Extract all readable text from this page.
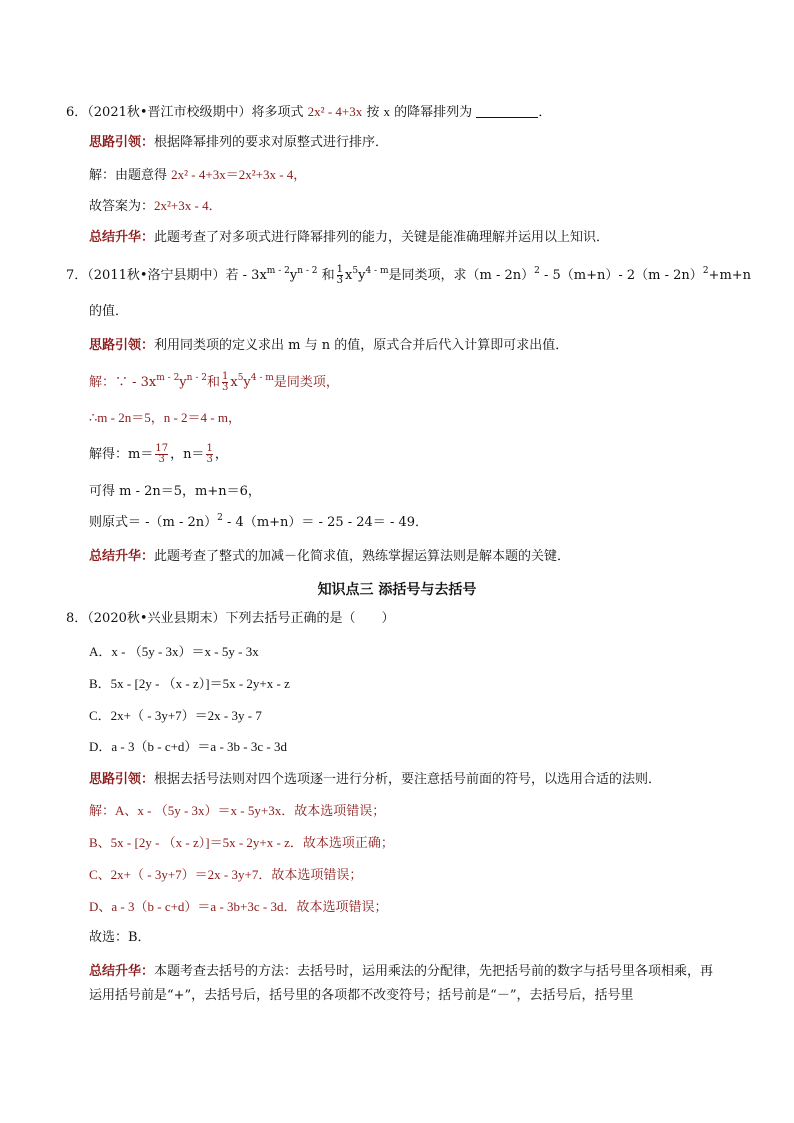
6．（2021秋•晋江市校级期中）将多项式 2x² - 4+3x 按 x 的降幂排列为	．
思路引领：根据降幂排列的要求对原整式进行排序．
解：由题意得 2x² - 4+3x＝2x²+3x - 4，
故答案为：2x²+3x - 4．
总结升华：此题考查了对多项式进行降幂排列的能力，关键是能准确理解并运用以上知识．
7．（2011秋•洛宁县期中）若 - $3x^{m - 2}y^{n - 2}$ 和 $\frac{1}{3} x^5y^{4 - m}$是同类项，求（m - 2n）$^2$ - 5（m+n）- 2（m - 2n）$^2$+m+n
的值．
思路引领：利用同类项的定义求出 m 与 n 的值，原式合并后代入计算即可求出值．
解：∵ - $3x^{m - 2}y^{n - 2}$和 $\frac{1}{3} x^5y^{4 - m}$是同类项，
∴m - 2n＝5，n - 2＝4 - m，
解得：$m= \frac{17}{3}$ ，$n= \frac{1}{3}$ ，
可得 m - 2n＝5，m+n＝6，
则原式＝ -（m - 2n）$^2$ - 4（m+n）＝ - 25 - 24＝ - 49．
总结升华：此题考查了整式的加减－化简求值，熟练掌握运算法则是解本题的关键．
知识点三 添括号与去括号
8．（2020秋•兴业县期末）下列去括号正确的是（　　）
A．x - （5y - 3x）＝x - 5y - 3x
B．5x - [2y - （x - z）]＝5x - 2y+x - z
C．2x+（ - 3y+7）＝2x - 3y - 7
D．a - 3（b - c+d）＝a - 3b - 3c - 3d
思路引领：根据去括号法则对四个选项逐一进行分析，要注意括号前面的符号，以选用合适的法则．
解：A、x - （5y - 3x）＝x - 5y+3x．故本选项错误；
B、5x - [2y - （x - z）]＝5x - 2y+x - z．故本选项正确；
C、2x+（ - 3y+7）＝2x - 3y+7．故本选项错误；
D、a - 3（b - c+d）＝a - 3b+3c - 3d．故本选项错误；
故选：B．
总结升华：本题考查去括号的方法：去括号时，运用乘法的分配律，先把括号前的数字与括号里各项相乘，再运用括号前是“+”，去括号后，括号里的各项都不改变符号；括号前是“－”，去括号后，括号里
